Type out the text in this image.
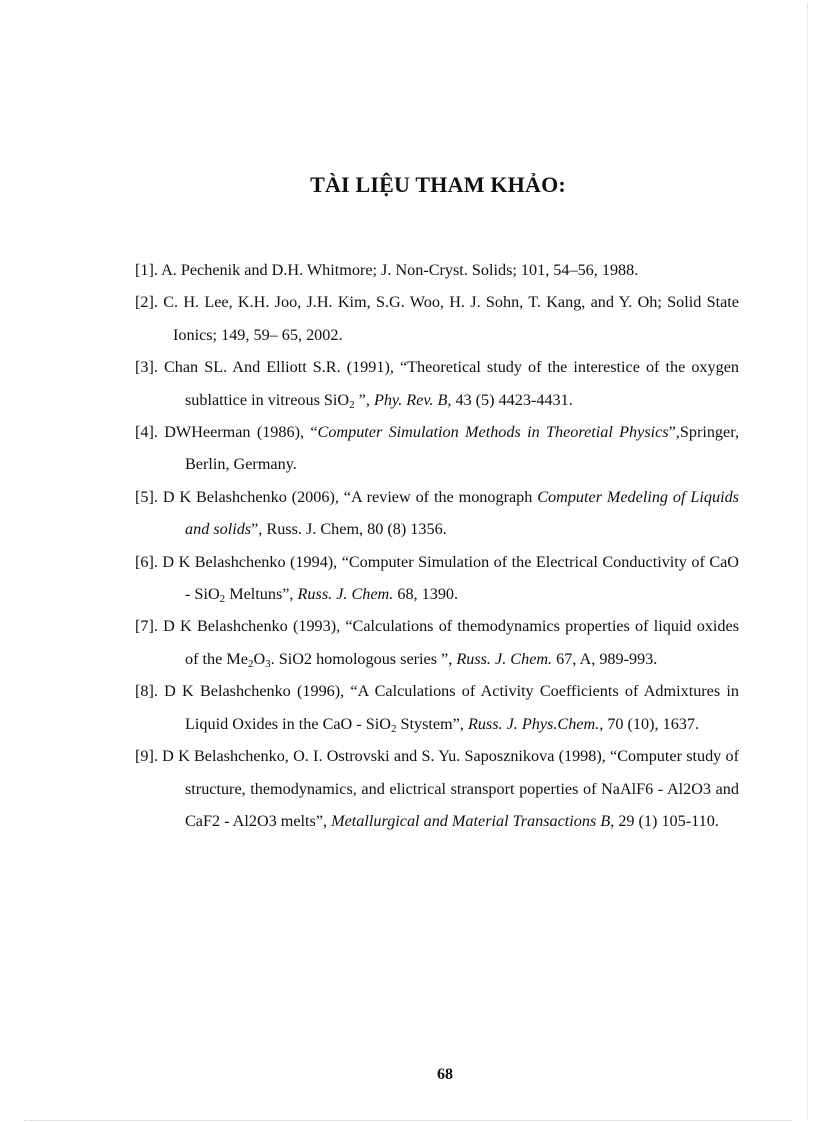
TÀI LIỆU THAM KHẢO:
[1]. A. Pechenik and D.H. Whitmore; J. Non-Cryst. Solids; 101, 54–56, 1988.
[2]. C. H. Lee, K.H. Joo, J.H. Kim, S.G. Woo, H. J. Sohn, T. Kang, and Y. Oh; Solid State Ionics; 149, 59– 65, 2002.
[3]. Chan SL. And Elliott S.R. (1991), “Theoretical study of the interestice of the oxygen sublattice in vitreous SiO$_2$ ”, Phy. Rev. B, 43 (5) 4423-4431.
[4]. DWHeerman (1986), “Computer Simulation Methods in Theoretial Physics”,Springer, Berlin, Germany.
[5]. D K Belashchenko (2006), “A review of the monograph Computer Medeling of Liquids and solids”, Russ. J. Chem, 80 (8) 1356.
[6]. D K Belashchenko (1994), “Computer Simulation of the Electrical Conductivity of CaO - SiO$_2$ Meltuns”, Russ. J. Chem. 68, 1390.
[7]. D K Belashchenko (1993), “Calculations of themodynamics properties of liquid oxides of the $Me_2O_3$. SiO2 homologous series ”, Russ. J. Chem. 67, A, 989-993.
[8]. D K Belashchenko (1996), “A Calculations of Activity Coefficients of Admixtures in Liquid Oxides in the CaO - SiO$_2$ Stystem”, Russ. J. Phys.Chem., 70 (10), 1637.
[9]. D K Belashchenko, O. I. Ostrovski and S. Yu. Saposznikova (1998), “Computer study of structure, themodynamics, and elictrical stransport poperties of NaAlF6 - Al2O3 and CaF2 - Al2O3 melts”, Metallurgical and Material Transactions B, 29 (1) 105-110.
68
